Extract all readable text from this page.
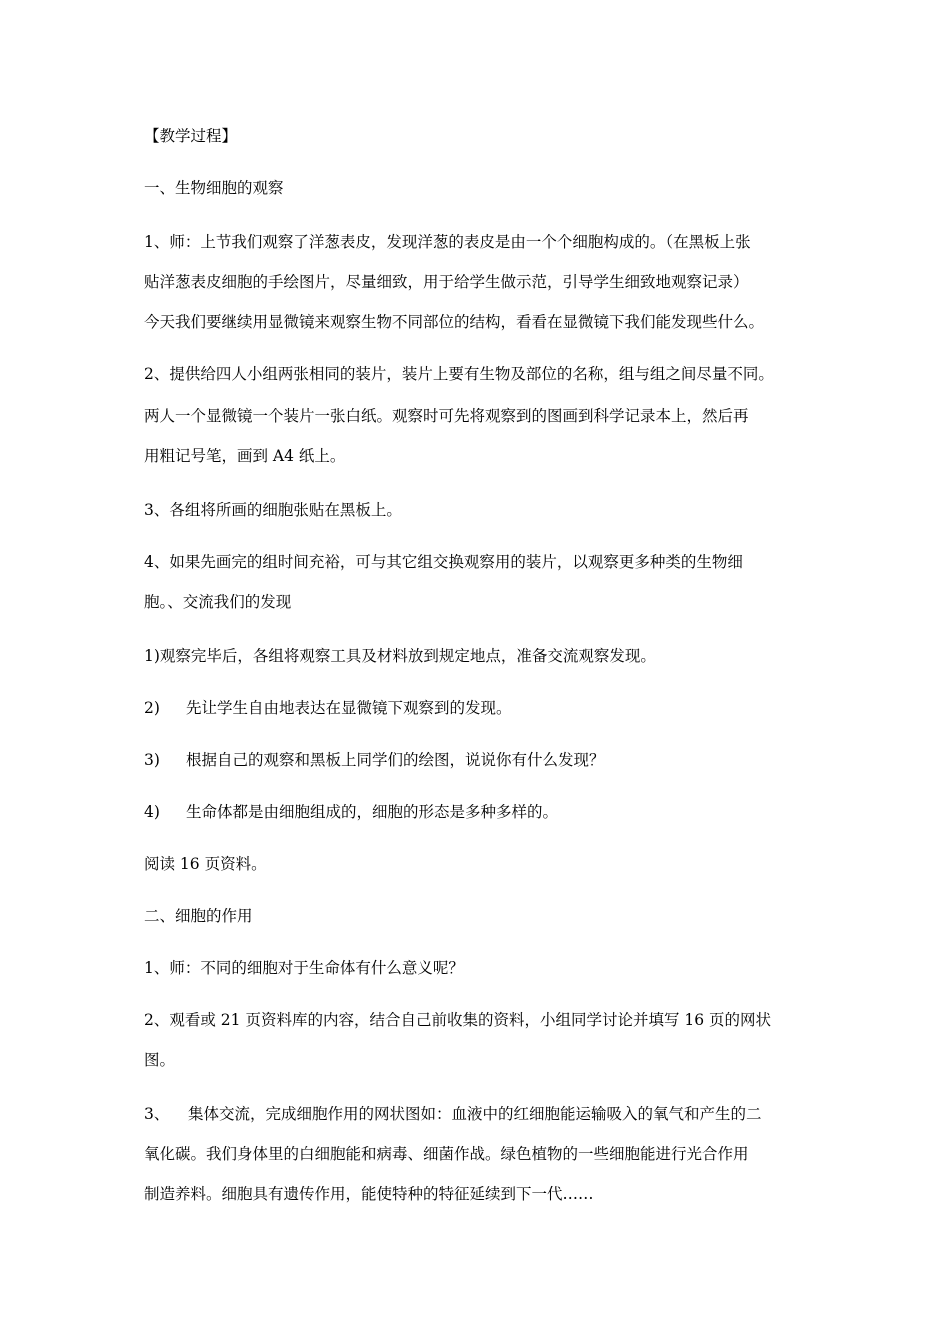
【教学过程】
一、生物细胞的观察
1、师：上节我们观察了洋葱表皮，发现洋葱的表皮是由一个个细胞构成的。（在黑板上张
贴洋葱表皮细胞的手绘图片，尽量细致，用于给学生做示范，引导学生细致地观察记录）
今天我们要继续用显微镜来观察生物不同部位的结构，看看在显微镜下我们能发现些什么。
2、提供给四人小组两张相同的装片，装片上要有生物及部位的名称，组与组之间尽量不同。
两人一个显微镜一个装片一张白纸。观察时可先将观察到的图画到科学记录本上，然后再
用粗记号笔，画到 A4 纸上。
3、各组将所画的细胞张贴在黑板上。
4、如果先画完的组时间充裕，可与其它组交换观察用的装片，以观察更多种类的生物细
胞。、交流我们的发现
1)观察完毕后，各组将观察工具及材料放到规定地点，准备交流观察发现。
2) 先让学生自由地表达在显微镜下观察到的发现。
3) 根据自己的观察和黑板上同学们的绘图，说说你有什么发现？
4) 生命体都是由细胞组成的，细胞的形态是多种多样的。
阅读 16 页资料。
二、细胞的作用
1、师：不同的细胞对于生命体有什么意义呢？
2、观看或 21 页资料库的内容，结合自己前收集的资料，小组同学讨论并填写 16 页的网状
图。
3、 集体交流，完成细胞作用的网状图如：血液中的红细胞能运输吸入的氧气和产生的二
氧化碳。我们身体里的白细胞能和病毒、细菌作战。绿色植物的一些细胞能进行光合作用
制造养料。细胞具有遗传作用，能使特种的特征延续到下一代……
